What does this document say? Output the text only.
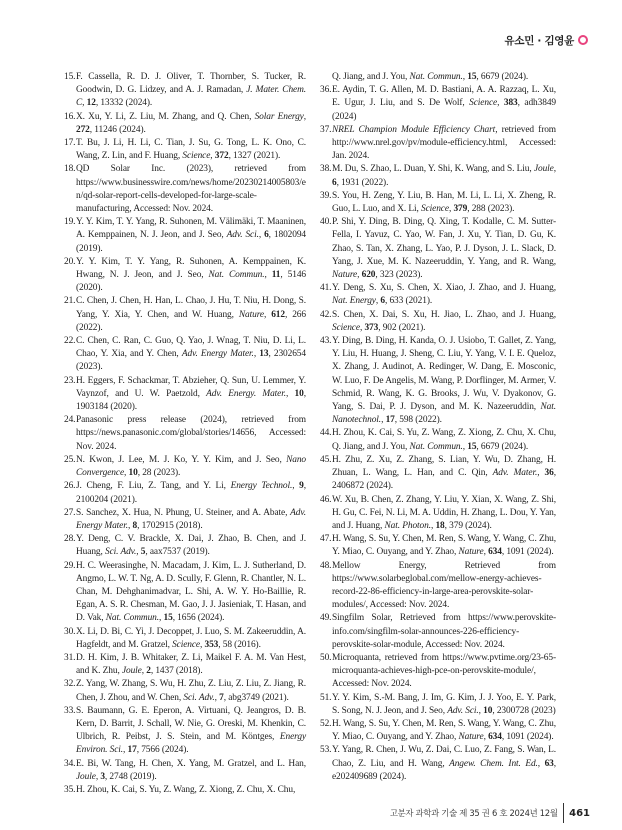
유소민 · 김영윤
15. F. Cassella, R. D. J. Oliver, T. Thornber, S. Tucker, R. Goodwin, D. G. Lidzey, and A. J. Ramadan, J. Mater. Chem. C, 12, 13332 (2024).
16. X. Xu, Y. Li, Z. Liu, M. Zhang, and Q. Chen, Solar Energy, 272, 11246 (2024).
17. T. Bu, J. Li, H. Li, C. Tian, J. Su, G. Tong, L. K. Ono, C. Wang, Z. Lin, and F. Huang, Science, 372, 1327 (2021).
18. QD Solar Inc. (2023), retrieved from https://www.businesswire.com/news/home/20230214005803/en/qd-solar-report-cells-developed-for-large-scale-manufacturing, Accessed: Nov. 2024.
19. Y. Y. Kim, T. Y. Yang, R. Suhonen, M. Välimäki, T. Maaninen, A. Kemppainen, N. J. Jeon, and J. Seo, Adv. Sci., 6, 1802094 (2019).
20. Y. Y. Kim, T. Y. Yang, R. Suhonen, A. Kemppainen, K. Hwang, N. J. Jeon, and J. Seo, Nat. Commun., 11, 5146 (2020).
21. C. Chen, J. Chen, H. Han, L. Chao, J. Hu, T. Niu, H. Dong, S. Yang, Y. Xia, Y. Chen, and W. Huang, Nature, 612, 266 (2022).
22. C. Chen, C. Ran, C. Guo, Q. Yao, J. Wnag, T. Niu, D. Li, L. Chao, Y. Xia, and Y. Chen, Adv. Energy Mater., 13, 2302654 (2023).
23. H. Eggers, F. Schackmar, T. Abzieher, Q. Sun, U. Lemmer, Y. Vaynzof, and U. W. Paetzold, Adv. Energy. Mater., 10, 1903184 (2020).
24. Panasonic press release (2024), retrieved from https://news.panasonic.com/global/stories/14656, Accessed: Nov. 2024.
25. N. Kwon, J. Lee, M. J. Ko, Y. Y. Kim, and J. Seo, Nano Convergence, 10, 28 (2023).
26. J. Cheng, F. Liu, Z. Tang, and Y. Li, Energy Technol., 9, 2100204 (2021).
27. S. Sanchez, X. Hua, N. Phung, U. Steiner, and A. Abate, Adv. Energy Mater., 8, 1702915 (2018).
28. Y. Deng, C. V. Brackle, X. Dai, J. Zhao, B. Chen, and J. Huang, Sci. Adv., 5, aax7537 (2019).
29. H. C. Weerasinghe, N. Macadam, J. Kim, L. J. Sutherland, D. Angmo, L. W. T. Ng, A. D. Scully, F. Glenn, R. Chantler, N. L. Chan, M. Dehghanimadvar, L. Shi, A. W. Y. Ho-Baillie, R. Egan, A. S. R. Chesman, M. Gao, J. J. Jasieniak, T. Hasan, and D. Vak, Nat. Commun., 15, 1656 (2024).
30. X. Li, D. Bi, C. Yi, J. Decoppet, J. Luo, S. M. Zakeeruddin, A. Hagfeldt, and M. Gratzel, Science, 353, 58 (2016).
31. D. H. Kim, J. B. Whitaker, Z. Li, Maikel F. A. M. Van Hest, and K. Zhu, Joule, 2, 1437 (2018).
32. Z. Yang, W. Zhang, S. Wu, H. Zhu, Z. Liu, Z. Liu, Z. Jiang, R. Chen, J. Zhou, and W. Chen, Sci. Adv., 7, abg3749 (2021).
33. S. Baumann, G. E. Eperon, A. Virtuani, Q. Jeangros, D. B. Kern, D. Barrit, J. Schall, W. Nie, G. Oreski, M. Khenkin, C. Ulbrich, R. Peibst, J. S. Stein, and M. Köntges, Energy Environ. Sci., 17, 7566 (2024).
34. E. Bi, W. Tang, H. Chen, X. Yang, M. Gratzel, and L. Han, Joule, 3, 2748 (2019).
35. H. Zhou, K. Cai, S. Yu, Z. Wang, Z. Xiong, Z. Chu, X. Chu,
Q. Jiang, and J. You, Nat. Commun., 15, 6679 (2024).
36. E. Aydin, T. G. Allen, M. D. Bastiani, A. A. Razzaq, L. Xu, E. Ugur, J. Liu, and S. De Wolf, Science, 383, adh3849 (2024)
37. NREL Champion Module Efficiency Chart, retrieved from http://www.nrel.gov/pv/module-efficiency.html, Accessed: Jan. 2024.
38. M. Du, S. Zhao, L. Duan, Y. Shi, K. Wang, and S. Liu, Joule, 6, 1931 (2022).
39. S. You, H. Zeng, Y. Liu, B. Han, M. Li, L. Li, X. Zheng, R. Guo, L. Luo, and X. Li, Science, 379, 288 (2023).
40. P. Shi, Y. Ding, B. Ding, Q. Xing, T. Kodalle, C. M. Sutter-Fella, I. Yavuz, C. Yao, W. Fan, J. Xu, Y. Tian, D. Gu, K. Zhao, S. Tan, X. Zhang, L. Yao, P. J. Dyson, J. L. Slack, D. Yang, J. Xue, M. K. Nazeeruddin, Y. Yang, and R. Wang, Nature, 620, 323 (2023).
41. Y. Deng, S. Xu, S. Chen, X. Xiao, J. Zhao, and J. Huang, Nat. Energy, 6, 633 (2021).
42. S. Chen, X. Dai, S. Xu, H. Jiao, L. Zhao, and J. Huang, Science, 373, 902 (2021).
43. Y. Ding, B. Ding, H. Kanda, O. J. Usiobo, T. Gallet, Z. Yang, Y. Liu, H. Huang, J. Sheng, C. Liu, Y. Yang, V. I. E. Queloz, X. Zhang, J. Audinot, A. Redinger, W. Dang, E. Mosconic, W. Luo, F. De Angelis, M. Wang, P. Dorflinger, M. Armer, V. Schmid, R. Wang, K. G. Brooks, J. Wu, V. Dyakonov, G. Yang, S. Dai, P. J. Dyson, and M. K. Nazeeruddin, Nat. Nanotechnol., 17, 598 (2022).
44. H. Zhou, K. Cai, S. Yu, Z. Wang, Z. Xiong, Z. Chu, X. Chu, Q. Jiang, and J. You, Nat. Commun., 15, 6679 (2024).
45. H. Zhu, Z. Xu, Z. Zhang, S. Lian, Y. Wu, D. Zhang, H. Zhuan, L. Wang, L. Han, and C. Qin, Adv. Mater., 36, 2406872 (2024).
46. W. Xu, B. Chen, Z. Zhang, Y. Liu, Y. Xian, X. Wang, Z. Shi, H. Gu, C. Fei, N. Li, M. A. Uddin, H. Zhang, L. Dou, Y. Yan, and J. Huang, Nat. Photon., 18, 379 (2024).
47. H. Wang, S. Su, Y. Chen, M. Ren, S. Wang, Y. Wang, C. Zhu, Y. Miao, C. Ouyang, and Y. Zhao, Nature, 634, 1091 (2024).
48. Mellow Energy, Retrieved from https://www.solarbeglobal.com/mellow-energy-achieves-record-22-86-efficiency-in-large-area-perovskite-solar-modules/, Accessed: Nov. 2024.
49. Singfilm Solar, Retrieved from https://www.perovskite-info.com/singfilm-solar-announces-226-efficiency-perovskite-solar-module, Accessed: Nov. 2024.
50. Microquanta, retrieved from https://www.pvtime.org/23-65-microquanta-achieves-high-pce-on-perovskite-module/, Accessed: Nov. 2024.
51. Y. Y. Kim, S.-M. Bang, J. Im, G. Kim, J. J. Yoo, E. Y. Park, S. Song, N. J. Jeon, and J. Seo, Adv. Sci., 10, 2300728 (2023)
52. H. Wang, S. Su, Y. Chen, M. Ren, S. Wang, Y. Wang, C. Zhu, Y. Miao, C. Ouyang, and Y. Zhao, Nature, 634, 1091 (2024).
53. Y. Yang, R. Chen, J. Wu, Z. Dai, C. Luo, Z. Fang, S. Wan, L. Chao, Z. Liu, and H. Wang, Angew. Chem. Int. Ed., 63, e202409689 (2024).
고분자 과학과 기술 제 35 권 6 호 2024년 12월 461
